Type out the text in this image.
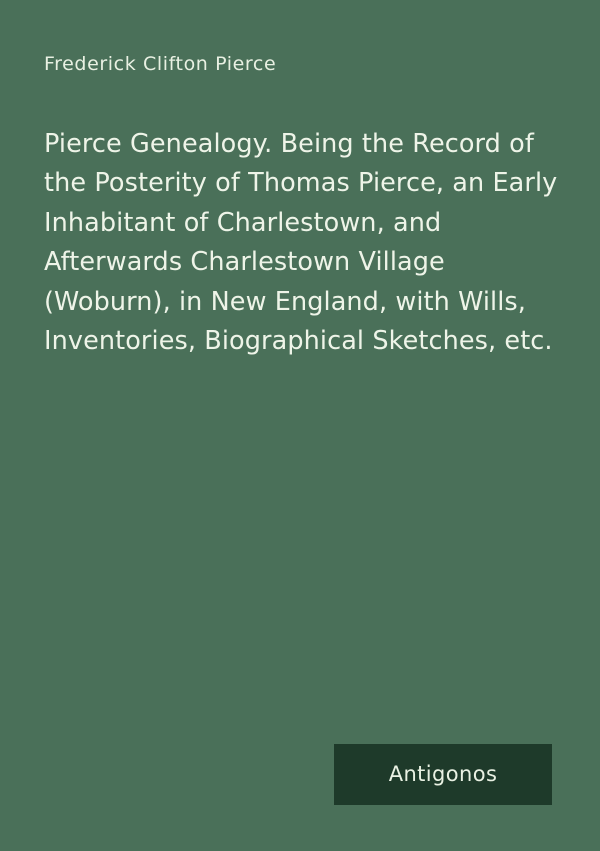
Frederick Clifton Pierce
Pierce Genealogy. Being the Record of the Posterity of Thomas Pierce, an Early Inhabitant of Charlestown, and Afterwards Charlestown Village (Woburn), in New England, with Wills, Inventories, Biographical Sketches, etc.
Antigonos
